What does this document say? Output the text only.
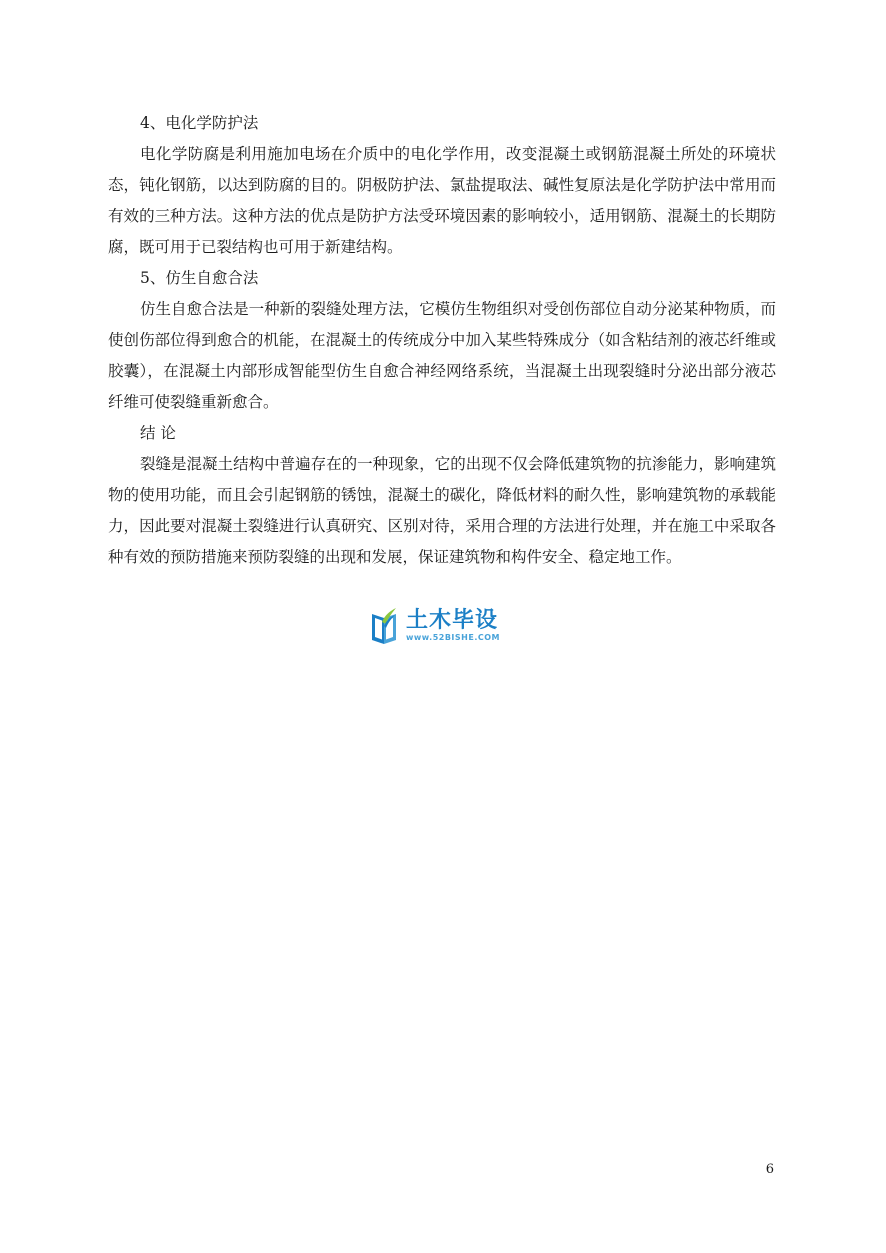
4、电化学防护法

电化学防腐是利用施加电场在介质中的电化学作用，改变混凝土或钢筋混凝土所处的环境状态，钝化钢筋，以达到防腐的目的。阴极防护法、氯盐提取法、碱性复原法是化学防护法中常用而有效的三种方法。这种方法的优点是防护方法受环境因素的影响较小，适用钢筋、混凝土的长期防腐，既可用于已裂结构也可用于新建结构。

5、仿生自愈合法

仿生自愈合法是一种新的裂缝处理方法，它模仿生物组织对受创伤部位自动分泌某种物质，而使创伤部位得到愈合的机能，在混凝土的传统成分中加入某些特殊成分（如含粘结剂的液芯纤维或胶囊），在混凝土内部形成智能型仿生自愈合神经网络系统，当混凝土出现裂缝时分泌出部分液芯纤维可使裂缝重新愈合。

结 论

裂缝是混凝土结构中普遍存在的一种现象，它的出现不仅会降低建筑物的抗渗能力，影响建筑物的使用功能，而且会引起钢筋的锈蚀，混凝土的碳化，降低材料的耐久性，影响建筑物的承载能力，因此要对混凝土裂缝进行认真研究、区别对待，采用合理的方法进行处理，并在施工中采取各种有效的预防措施来预防裂缝的出现和发展，保证建筑物和构件安全、稳定地工作。

土木毕设
www.52BISHE.COM
6
